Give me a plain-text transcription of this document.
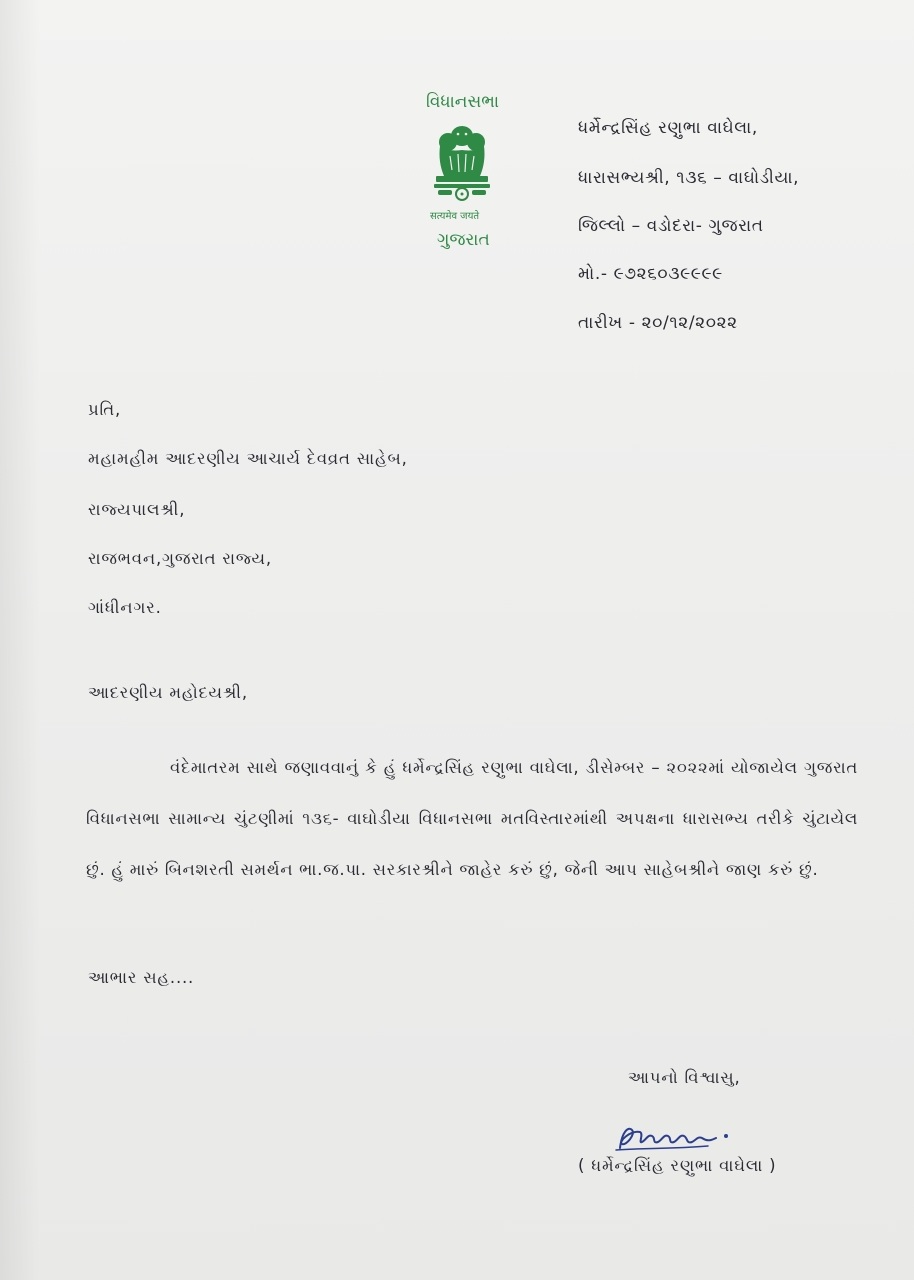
વિધાનસભા
सत्यमेव जयते
ગુજરાત
ધર્મેન્દ્રસિંહ રણુભા વાઘેલા,
ધારાસભ્યશ્રી, ૧૩૬ – વાઘોડીયા,
જિલ્લો – વડોદરા- ગુજરાત
મો.- ૯૭૨૬૦૩૯૯૯૯
તારીખ - ૨૦/૧૨/૨૦૨૨
પ્રતિ,
મહામહીમ આદરણીય આચાર્ય દેવવ્રત સાહેબ,
રાજ્યપાલશ્રી,
રાજભવન,ગુજરાત રાજ્ય,
ગાંધીનગર.
આદરણીય મહોદયશ્રી,
વંદેમાતરમ સાથે જણાવવાનું કે હું ધર્મેન્દ્રસિંહ રણુભા વાઘેલા, ડીસેમ્બર – ૨૦૨૨માં યોજાયેલ ગુજરાત વિધાનસભા સામાન્ય ચુંટણીમાં ૧૩૬- વાઘોડીયા વિધાનસભા મતવિસ્તારમાંથી અપક્ષના ધારાસભ્ય તરીકે ચુંટાયેલ છું. હું મારું બિનશરતી સમર્થન ભા.જ.પા. સરકારશ્રીને જાહેર કરું છું, જેની આપ સાહેબશ્રીને જાણ કરું છું.
આભાર સહ....
આપનો વિશ્વાસુ,
( ધર્મેન્દ્રસિંહ રણુભા વાઘેલા )
